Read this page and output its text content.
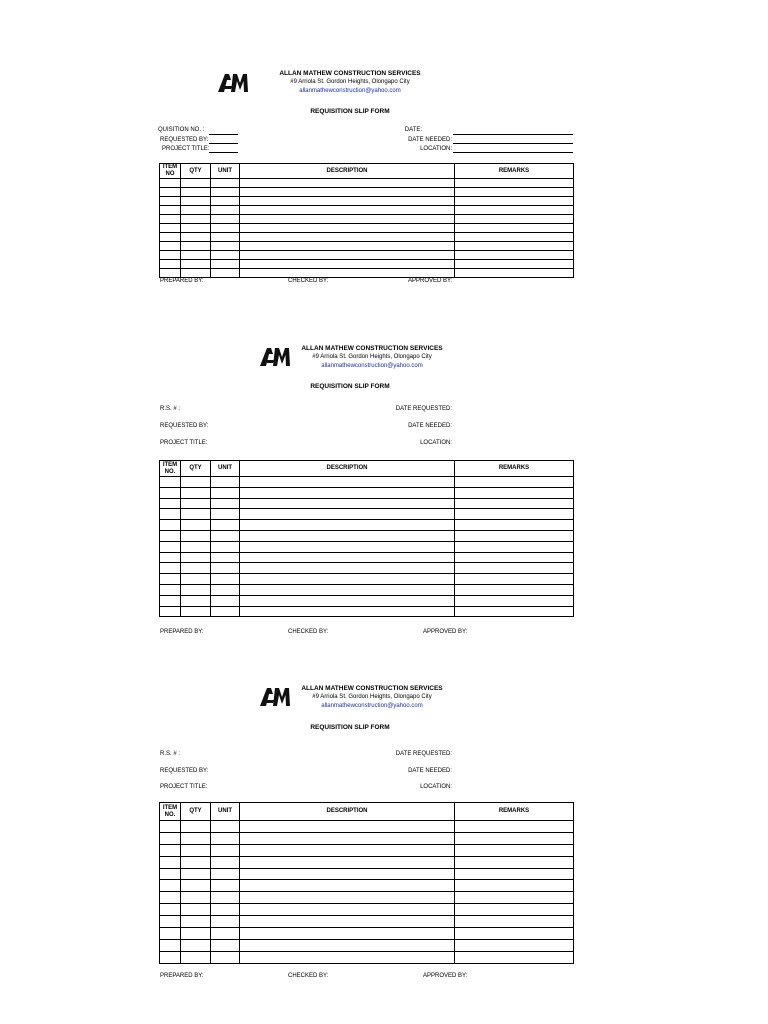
ALLAN MATHEW CONSTRUCTION SERVICES
#9 Arriola St. Gordon Heights, Olongapo City
allanmathewconstruction@yahoo.com
REQUISITION SLIP FORM
QUISITION NO. :
REQUESTED BY:
PROJECT TITLE:
DATE:
DATE NEEDED:
LOCATION:
ITEM NO	QTY	UNIT	DESCRIPTION	REMARKS

PREPARED BY:	CHECKED BY:	APPROVED BY:
ALLAN MATHEW CONSTRUCTION SERVICES
#9 Arriola St. Gordon Heights, Olongapo City
allanmathewconstruction@yahoo.com
REQUISITION SLIP FORM
R.S. # :
REQUESTED BY:
PROJECT TITLE:
DATE REQUESTED:
DATE NEEDED:
LOCATION:
ITEM NO.	QTY	UNIT	DESCRIPTION	REMARKS

PREPARED BY:	CHECKED BY:	APPROVED BY:
ALLAN MATHEW CONSTRUCTION SERVICES
#9 Arriola St. Gordon Heights, Olongapo City
allanmathewconstruction@yahoo.com
REQUISITION SLIP FORM
R.S. # :
REQUESTED BY:
PROJECT TITLE:
DATE REQUESTED:
DATE NEEDED:
LOCATION:
ITEM NO.	QTY	UNIT	DESCRIPTION	REMARKS

PREPARED BY:	CHECKED BY:	APPROVED BY:
